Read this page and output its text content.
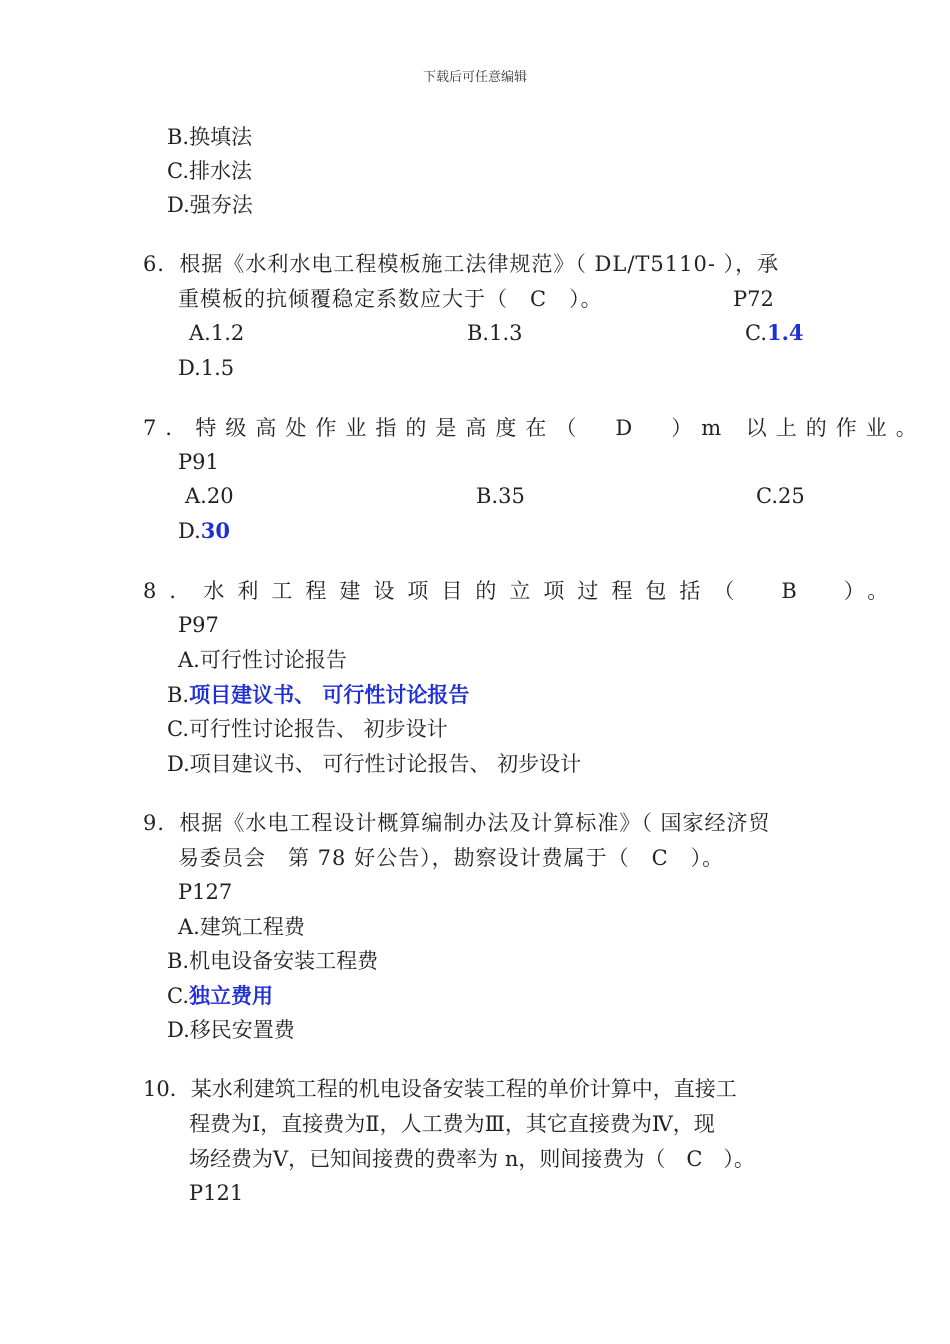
下载后可任意编辑
B.换填法
C.排水法
D.强夯法
6．根据《水利水电工程模板施工法律规范》（ DL/T5110- ），承
重模板的抗倾覆稳定系数应大于（　C　）。	P72
A.1.2	B.1.3	C.1.4
D.1.5
7．特级高处作业指的是高度在（　D　）m 以上的作业。
P91
A.20	B.35	C.25
D.30
8．水利工程建设项目的立项过程包括（　B　）。
P97
A.可行性讨论报告
B.项目建议书、 可行性讨论报告
C.可行性讨论报告、 初步设计
D.项目建议书、 可行性讨论报告、 初步设计
9．根据《水电工程设计概算编制办法及计算标准》（ 国家经济贸
易委员会　第 78 好公告），勘察设计费属于（　C　）。
P127
A.建筑工程费
B.机电设备安装工程费
C.独立费用
D.移民安置费
10．某水利建筑工程的机电设备安装工程的单价计算中，直接工
程费为Ⅰ，直接费为Ⅱ，人工费为Ⅲ，其它直接费为Ⅳ，现
场经费为Ⅴ，已知间接费的费率为 n，则间接费为（　C　）。
P121
